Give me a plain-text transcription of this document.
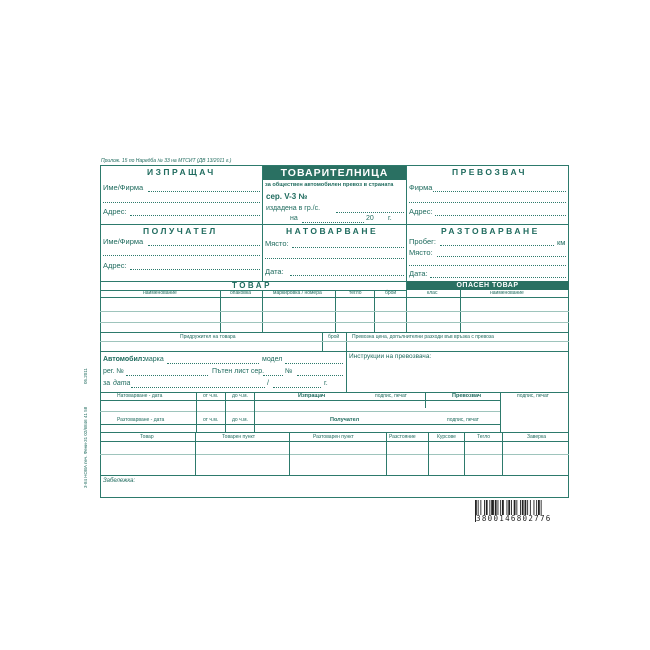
Прилож. 15 по Наредба № 33 на МТСИТ (ДВ 13/2011 г.)
ИЗПРАЩАЧ
Име/Фирма
Адрес:
ТОВАРИТЕЛНИЦА
за обществен автомобилен превоз в страната
сер. V-3 №
издадена в гр./с.
на	20 г.
ПРЕВОЗВАЧ
Фирма
Адрес:
ПОЛУЧАТЕЛ
Име/Фирма
Адрес:
НАТОВАРВАНЕ
Място:
Дата:
РАЗТОВАРВАНЕ
Пробег:	км
Място:
Дата:
ТОВАР	ОПАСЕН ТОВАР
наименование	опаковка	маркировка / номера	тегло	брой	клас	наименование
Придружител на товара	брой	Превозна цена, допълнителни разходи във връзка с превоза
Автомобил: марка	модел
рег. №	Пътен лист сер.	№
за дата	/	г.
Инструкции на превозвача:
Натоварване - дата	от ч.м.	до ч.м.	Изпращач	подпис, печат	Превозвач	подпис, печат
Разтоварване - дата	от ч.м.	до ч.м.	Получател	подпис, печат
Товар	Товарен пункт	Разтоварен пункт	Разстояние	Курсове	Тегло	Заверка
Забележка:
05.2011
3-84 НОВА печ. Фени-31 02/6846 41 58
3800146802776
